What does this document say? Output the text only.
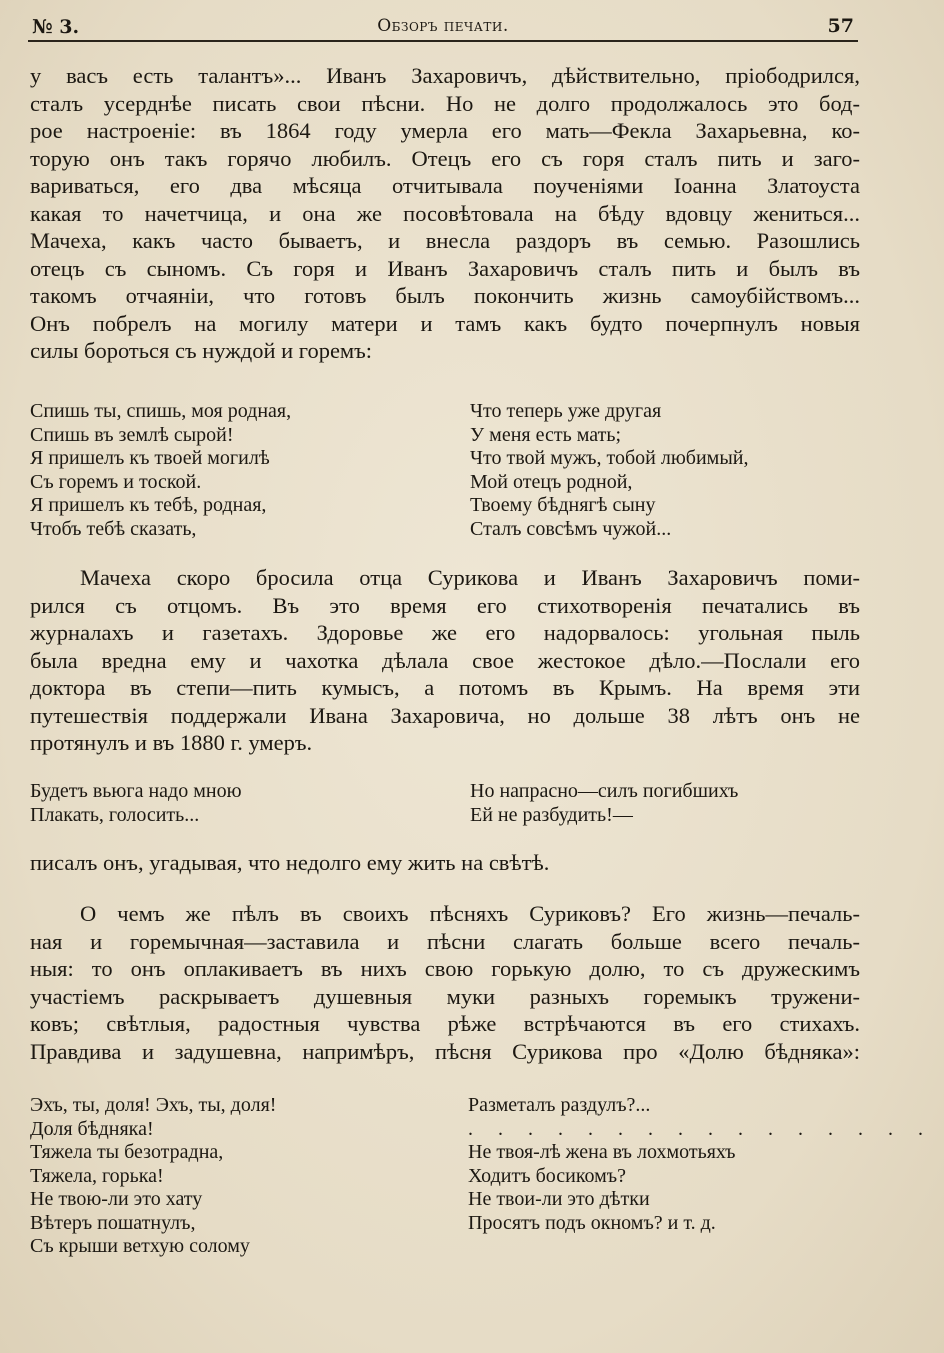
№ 3.	Обзоръ печати.	57

у васъ есть талантъ»... Иванъ Захаровичъ, дѣйствительно, пріободрился,
сталъ усерднѣе писать свои пѣсни. Но не долго продолжалось это бод-
рое настроеніе: въ 1864 году умерла его мать—Фекла Захарьевна, ко-
торую онъ такъ горячо любилъ. Отецъ его съ горя сталъ пить и заго-
вариваться, его два мѣсяца отчитывала поученіями Іоанна Златоуста
какая то начетчица, и она же посовѣтовала на бѣду вдовцу жениться...
Мачеха, какъ часто бываетъ, и внесла раздоръ въ семью. Разошлись
отецъ съ сыномъ. Съ горя и Иванъ Захаровичъ сталъ пить и былъ въ
такомъ отчаяніи, что готовъ былъ покончить жизнь самоубійствомъ...
Онъ побрелъ на могилу матери и тамъ какъ будто почерпнулъ новыя
силы бороться съ нуждой и горемъ:

Спишь ты, спишь, моя родная,
Спишь въ землѣ сырой!
Я пришелъ къ твоей могилѣ
Съ горемъ и тоской.
Я пришелъ къ тебѣ, родная,
Чтобъ тебѣ сказать,
Что теперь уже другая
У меня есть мать;
Что твой мужъ, тобой любимый,
Мой отецъ родной,
Твоему бѣднягѣ сыну
Сталъ совсѣмъ чужой...

Мачеха скоро бросила отца Сурикова и Иванъ Захаровичъ поми-
рился съ отцомъ. Въ это время его стихотворенія печатались въ
журналахъ и газетахъ. Здоровье же его надорвалось: угольная пыль
была вредна ему и чахотка дѣлала свое жестокое дѣло.—Послали его
доктора въ степи—пить кумысъ, а потомъ въ Крымъ. На время эти
путешествія поддержали Ивана Захаровича, но дольше 38 лѣтъ онъ не
протянулъ и въ 1880 г. умеръ.

Будетъ вьюга надо мною
Плакать, голосить...
Но напрасно—силъ погибшихъ
Ей не разбудить!—

писалъ онъ, угадывая, что недолго ему жить на свѣтѣ.

О чемъ же пѣлъ въ своихъ пѣсняхъ Суриковъ? Его жизнь—печаль-
ная и горемычная—заставила и пѣсни слагать больше всего печаль-
ныя: то онъ оплакиваетъ въ нихъ свою горькую долю, то съ дружескимъ
участіемъ раскрываетъ душевныя муки разныхъ горемыкъ тружени-
ковъ; свѣтлыя, радостныя чувства рѣже встрѣчаются въ его стихахъ.
Правдива и задушевна, напримѣръ, пѣсня Сурикова про «Долю бѣдняка»:

Эхъ, ты, доля! Эхъ, ты, доля!
Доля бѣдняка!
Тяжела ты безотрадна,
Тяжела, горька!
Не твою-ли это хату
Вѣтеръ пошатнулъ,
Съ крыши ветхую солому
Разметалъ раздулъ?...
. . . . . . . . . . . . . . . .
Не твоя-лѣ жена въ лохмотьяхъ
Ходитъ босикомъ?
Не твои-ли это дѣтки
Просятъ подъ окномъ? и т. д.
